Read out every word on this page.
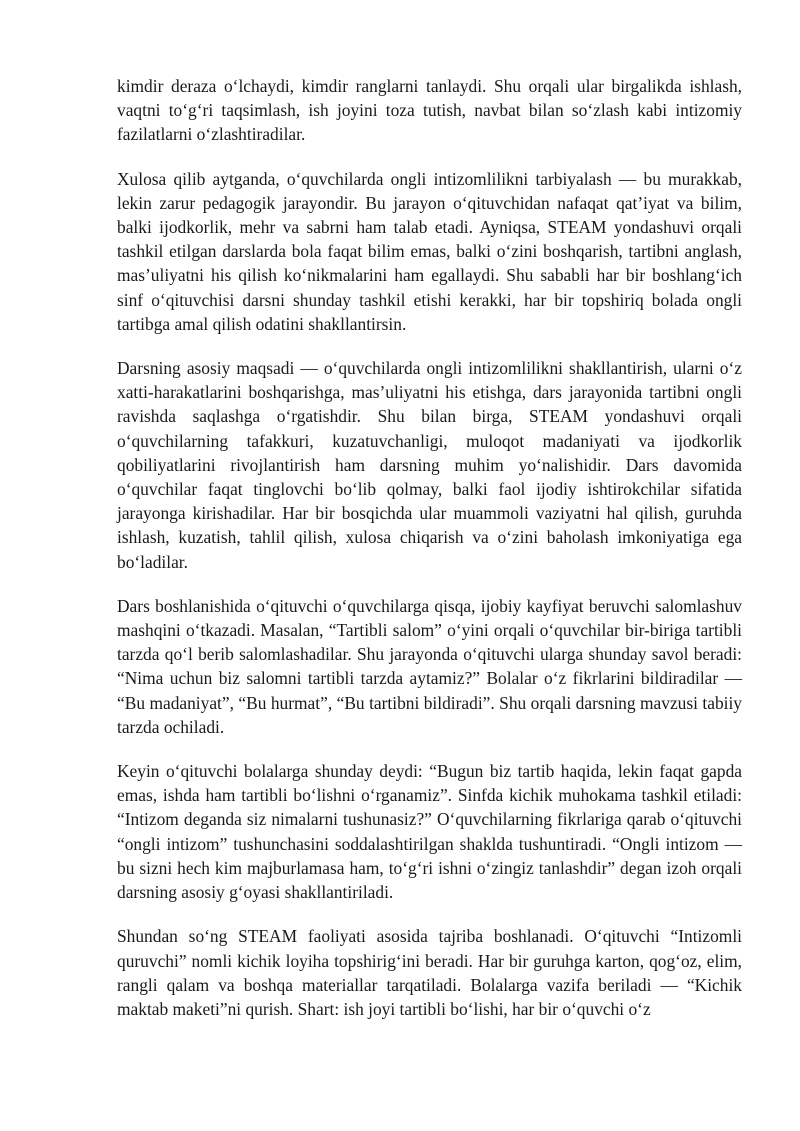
kimdir deraza oʻlchaydi, kimdir ranglarni tanlaydi. Shu orqali ular birgalikda ishlash, vaqtni toʻgʻri taqsimlash, ish joyini toza tutish, navbat bilan soʻzlash kabi intizomiy fazilatlarni oʻzlashtiradilar.

Xulosa qilib aytganda, oʻquvchilarda ongli intizomlilikni tarbiyalash — bu murakkab, lekin zarur pedagogik jarayondir. Bu jarayon oʻqituvchidan nafaqat qatʼiyat va bilim, balki ijodkorlik, mehr va sabrni ham talab etadi. Ayniqsa, STEAM yondashuvi orqali tashkil etilgan darslarda bola faqat bilim emas, balki oʻzini boshqarish, tartibni anglash, masʼuliyatni his qilish koʻnikmalarini ham egallaydi. Shu sababli har bir boshlangʻich sinf oʻqituvchisi darsni shunday tashkil etishi kerakki, har bir topshiriq bolada ongli tartibga amal qilish odatini shakllantirsin.

Darsning asosiy maqsadi — oʻquvchilarda ongli intizomlilikni shakllantirish, ularni oʻz xatti-harakatlarini boshqarishga, masʼuliyatni his etishga, dars jarayonida tartibni ongli ravishda saqlashga oʻrgatishdir. Shu bilan birga, STEAM yondashuvi orqali oʻquvchilarning tafakkuri, kuzatuvchanligi, muloqot madaniyati va ijodkorlik qobiliyatlarini rivojlantirish ham darsning muhim yoʻnalishidir. Dars davomida oʻquvchilar faqat tinglovchi boʻlib qolmay, balki faol ijodiy ishtirokchilar sifatida jarayonga kirishadilar. Har bir bosqichda ular muammoli vaziyatni hal qilish, guruhda ishlash, kuzatish, tahlil qilish, xulosa chiqarish va oʻzini baholash imkoniyatiga ega boʻladilar.

Dars boshlanishida oʻqituvchi oʻquvchilarga qisqa, ijobiy kayfiyat beruvchi salomlashuv mashqini oʻtkazadi. Masalan, “Tartibli salom” oʻyini orqali oʻquvchilar bir-biriga tartibli tarzda qoʻl berib salomlashadilar. Shu jarayonda oʻqituvchi ularga shunday savol beradi: “Nima uchun biz salomni tartibli tarzda aytamiz?” Bolalar oʻz fikrlarini bildiradilar — “Bu madaniyat”, “Bu hurmat”, “Bu tartibni bildiradi”. Shu orqali darsning mavzusi tabiiy tarzda ochiladi.

Keyin oʻqituvchi bolalarga shunday deydi: “Bugun biz tartib haqida, lekin faqat gapda emas, ishda ham tartibli boʻlishni oʻrganamiz”. Sinfda kichik muhokama tashkil etiladi: “Intizom deganda siz nimalarni tushunasiz?” Oʻquvchilarning fikrlariga qarab oʻqituvchi “ongli intizom” tushunchasini soddalashtirilgan shaklda tushuntiradi. “Ongli intizom — bu sizni hech kim majburlamasa ham, toʻgʻri ishni oʻzingiz tanlashdir” degan izoh orqali darsning asosiy gʻoyasi shakllantiriladi.

Shundan soʻng STEAM faoliyati asosida tajriba boshlanadi. Oʻqituvchi “Intizomli quruvchi” nomli kichik loyiha topshirigʻini beradi. Har bir guruhga karton, qogʻoz, elim, rangli qalam va boshqa materiallar tarqatiladi. Bolalarga vazifa beriladi — “Kichik maktab maketi”ni qurish. Shart: ish joyi tartibli boʻlishi, har bir oʻquvchi oʻz
